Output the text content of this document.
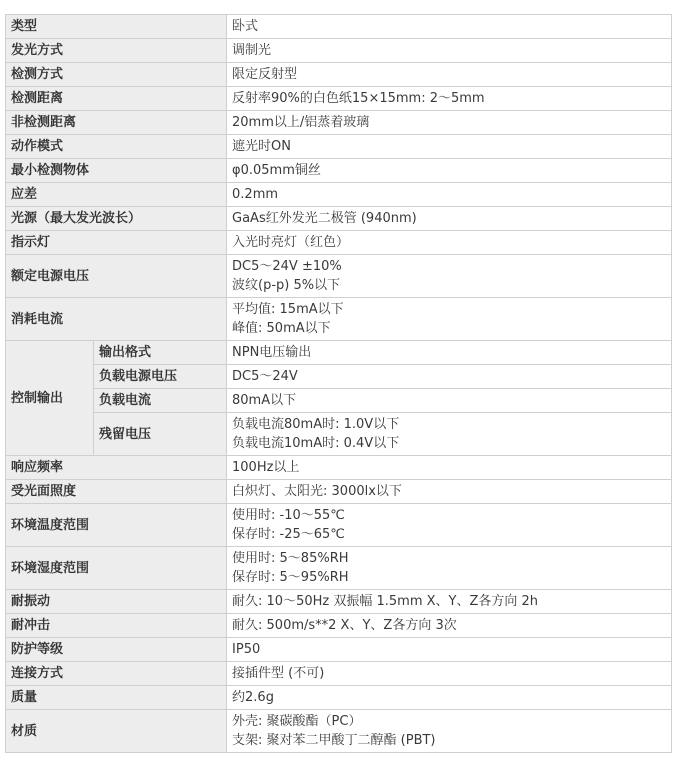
类型		卧式

发光方式		调制光

检测方式		限定反射型

检测距离		反射率90%的白色纸15×15mm: 2～5mm

非检测距离		20mm以上/铝蒸着玻璃

动作模式		遮光时ON

最小检测物体		φ0.05mm铜丝

应差		0.2mm

光源（最大发光波长）		GaAs红外发光二极管 (940nm)

指示灯		入光时亮灯（红色）

额定电源电压		DC5～24V ±10%
波纹(p-p) 5%以下

消耗电流		平均值: 15mA以下
峰值: 50mA以下

控制输出	输出格式	NPN电压输出

	负载电源电压	DC5～24V

	负载电流	80mA以下

	残留电压	负载电流80mA时: 1.0V以下
负载电流10mA时: 0.4V以下

响应频率		100Hz以上

受光面照度		白炽灯、太阳光: 3000lx以下

环境温度范围		使用时: -10～55℃
保存时: -25～65℃

环境湿度范围		使用时: 5～85%RH
保存时: 5～95%RH

耐振动		耐久: 10～50Hz 双振幅 1.5mm X、Y、Z各方向 2h

耐冲击		耐久: 500m/s**2 X、Y、Z各方向 3次

防护等级		IP50

连接方式		接插件型 (不可)

质量		约2.6g

材质		外壳: 聚碳酸酯（PC）
支架: 聚对苯二甲酸丁二醇酯 (PBT)
